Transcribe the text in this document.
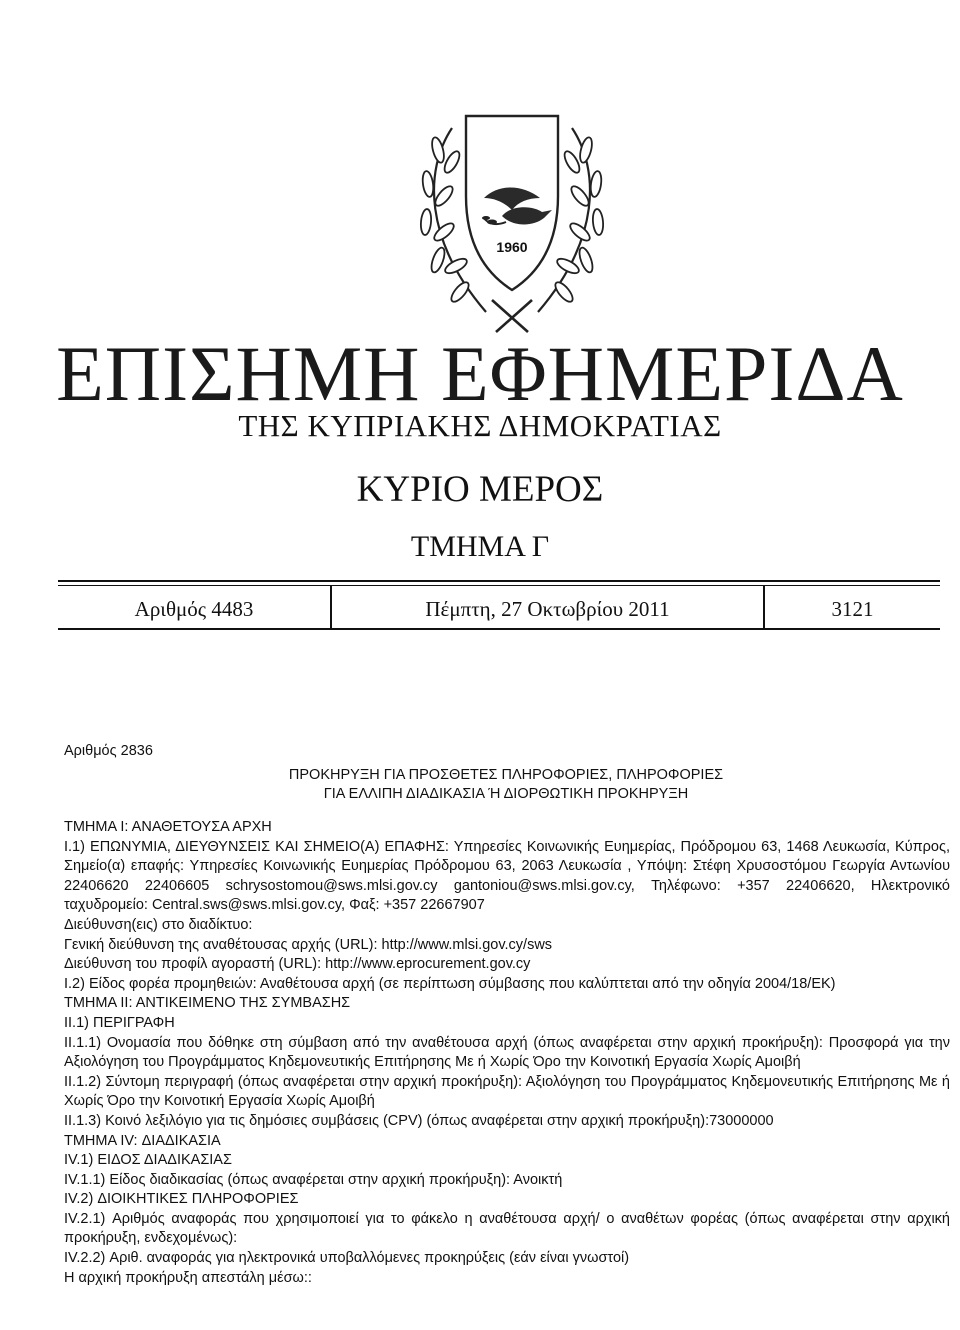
1960
ΕΠΙΣΗΜΗ ΕΦΗΜΕΡΙΔΑ
ΤΗΣ ΚΥΠΡΙΑΚΗΣ ΔΗΜΟΚΡΑΤΙΑΣ
ΚΥΡΙΟ ΜΕΡΟΣ
ΤΜΗΜΑ Γ
Αριθμός 4483	Πέμπτη, 27 Οκτωβρίου 2011	3121
Αριθμός 2836
ΠΡΟΚΗΡΥΞΗ ΓΙΑ ΠΡΟΣΘΕΤΕΣ ΠΛΗΡΟΦΟΡΙΕΣ, ΠΛΗΡΟΦΟΡΙΕΣ
ΓΙΑ ΕΛΛΙΠΗ ΔΙΑΔΙΚΑΣΙΑ Ή ΔΙΟΡΘΩΤΙΚΗ ΠΡΟΚΗΡΥΞΗ

ΤΜΗΜΑ Ι: ΑΝΑΘΕΤΟΥΣΑ ΑΡΧΗ

Ι.1) ΕΠΩΝΥΜΙΑ, ΔΙΕΥΘΥΝΣΕΙΣ ΚΑΙ ΣΗΜΕΙΟ(Α) ΕΠΑΦΗΣ: Υπηρεσίες Κοινωνικής Ευημερίας, Πρόδρομου 63, 1468 Λευκωσία, Κύπρος, Σημείο(α) επαφής: Υπηρεσίες Κοινωνικής Ευημερίας Πρόδρομου 63, 2063 Λευκωσία , Υπόψη: Στέφη Χρυσοστόμου Γεωργία Αντωνίου 22406620 22406605 schrysostomou@sws.mlsi.gov.cy gantoniou@sws.mlsi.gov.cy, Τηλέφωνο: +357 22406620, Ηλεκτρονικό ταχυδρομείο: Central.sws@sws.mlsi.gov.cy, Φαξ: +357 22667907

Διεύθυνση(εις) στο διαδίκτυο:

Γενική διεύθυνση της αναθέτουσας αρχής (URL): http://www.mlsi.gov.cy/sws

Διεύθυνση του προφίλ αγοραστή (URL): http://www.eprocurement.gov.cy

Ι.2) Είδος φορέα προμηθειών: Αναθέτουσα αρχή (σε περίπτωση σύμβασης που καλύπτεται από την οδηγία 2004/18/ΕΚ)

ΤΜΗΜΑ ΙΙ: ΑΝΤΙΚΕΙΜΕΝΟ ΤΗΣ ΣΥΜΒΑΣΗΣ

ΙΙ.1) ΠΕΡΙΓΡΑΦΗ

ΙΙ.1.1) Ονομασία που δόθηκε στη σύμβαση από την αναθέτουσα αρχή (όπως αναφέρεται στην αρχική προκήρυξη): Προσφορά για την Αξιολόγηση του Προγράμματος Κηδεμονευτικής Επιτήρησης Με ή Χωρίς Όρο την Κοινοτική Εργασία Χωρίς Αμοιβή

ΙΙ.1.2) Σύντομη περιγραφή (όπως αναφέρεται στην αρχική προκήρυξη): Αξιολόγηση του Προγράμματος Κηδεμονευτικής Επιτήρησης Με ή Χωρίς Όρο την Κοινοτική Εργασία Χωρίς Αμοιβή

ΙΙ.1.3) Κοινό λεξιλόγιο για τις δημόσιες συμβάσεις (CPV) (όπως αναφέρεται στην αρχική προκήρυξη):73000000

ΤΜΗΜΑ IV: ΔΙΑΔΙΚΑΣΙΑ

IV.1) ΕΙΔΟΣ ΔΙΑΔΙΚΑΣΙΑΣ

IV.1.1) Είδος διαδικασίας (όπως αναφέρεται στην αρχική προκήρυξη): Ανοικτή

IV.2) ΔΙΟΙΚΗΤΙΚΕΣ ΠΛΗΡΟΦΟΡΙΕΣ

IV.2.1) Αριθμός αναφοράς που χρησιμοποιεί για το φάκελο η αναθέτουσα αρχή/ ο αναθέτων φορέας (όπως αναφέρεται στην αρχική προκήρυξη, ενδεχομένως):

IV.2.2) Αριθ. αναφοράς για ηλεκτρονικά υποβαλλόμενες προκηρύξεις (εάν είναι γνωστοί)

Η αρχική προκήρυξη απεστάλη μέσω::
